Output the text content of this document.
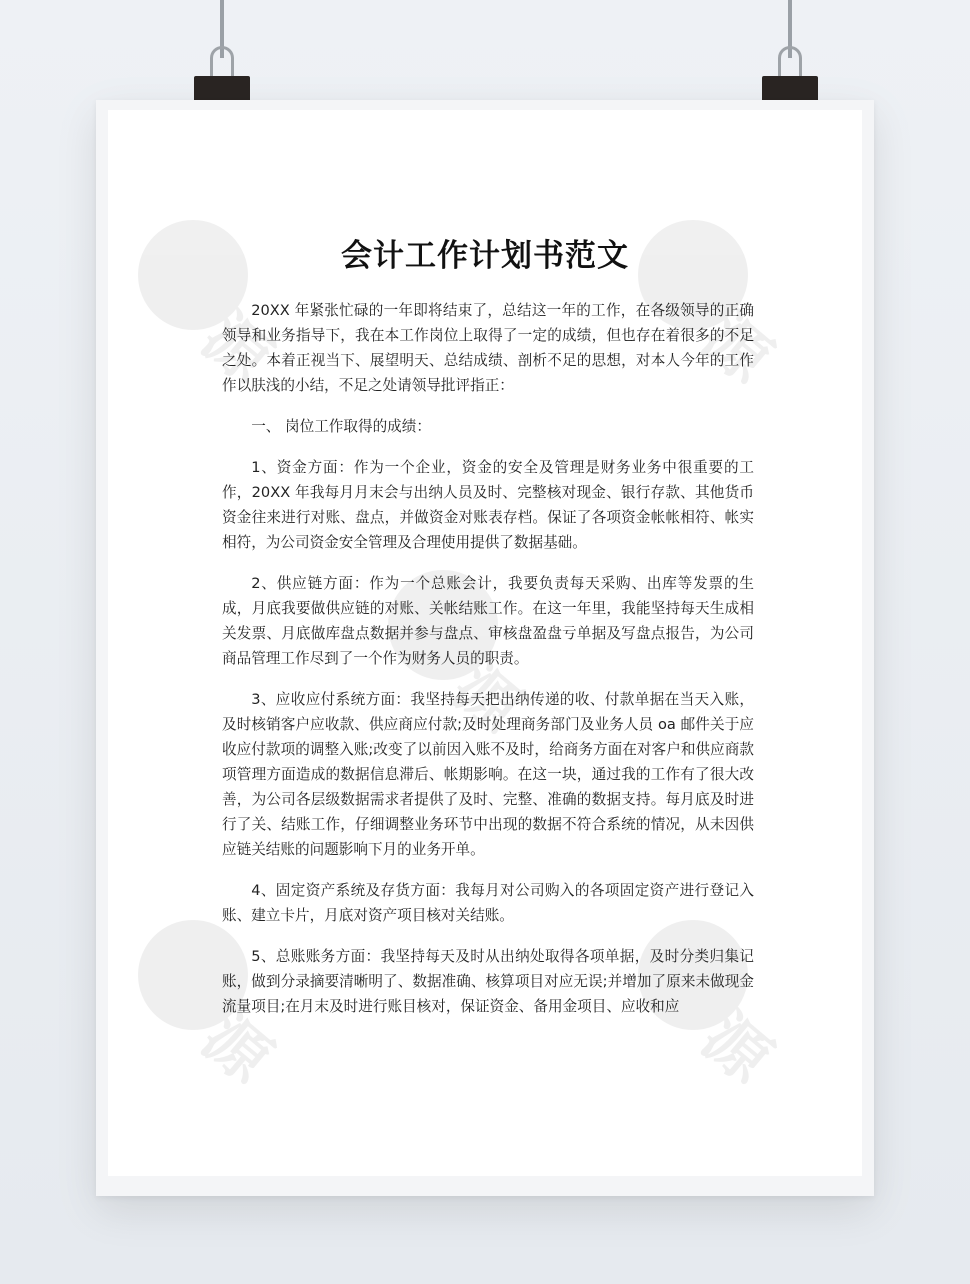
源	源
源
源	源
会计工作计划书范文

20XX 年紧张忙碌的一年即将结束了，总结这一年的工作，在各级领导的正确领导和业务指导下，我在本工作岗位上取得了一定的成绩，但也存在着很多的不足之处。本着正视当下、展望明天、总结成绩、剖析不足的思想，对本人今年的工作作以肤浅的小结，不足之处请领导批评指正：

一、 岗位工作取得的成绩：

1、资金方面：作为一个企业，资金的安全及管理是财务业务中很重要的工作，20XX 年我每月月末会与出纳人员及时、完整核对现金、银行存款、其他货币资金往来进行对账、盘点，并做资金对账表存档。保证了各项资金帐帐相符、帐实相符，为公司资金安全管理及合理使用提供了数据基础。

2、供应链方面：作为一个总账会计，我要负责每天采购、出库等发票的生成，月底我要做供应链的对账、关帐结账工作。在这一年里，我能坚持每天生成相关发票、月底做库盘点数据并参与盘点、审核盘盈盘亏单据及写盘点报告，为公司商品管理工作尽到了一个作为财务人员的职责。

3、应收应付系统方面：我坚持每天把出纳传递的收、付款单据在当天入账，及时核销客户应收款、供应商应付款;及时处理商务部门及业务人员 oa 邮件关于应收应付款项的调整入账;改变了以前因入账不及时，给商务方面在对客户和供应商款项管理方面造成的数据信息滞后、帐期影响。在这一块，通过我的工作有了很大改善，为公司各层级数据需求者提供了及时、完整、准确的数据支持。每月底及时进行了关、结账工作，仔细调整业务环节中出现的数据不符合系统的情况，从未因供应链关结账的问题影响下月的业务开单。

4、固定资产系统及存货方面：我每月对公司购入的各项固定资产进行登记入账、建立卡片，月底对资产项目核对关结账。

5、总账账务方面：我坚持每天及时从出纳处取得各项单据，及时分类归集记账，做到分录摘要清晰明了、数据准确、核算项目对应无误;并增加了原来未做现金流量项目;在月末及时进行账目核对，保证资金、备用金项目、应收和应
